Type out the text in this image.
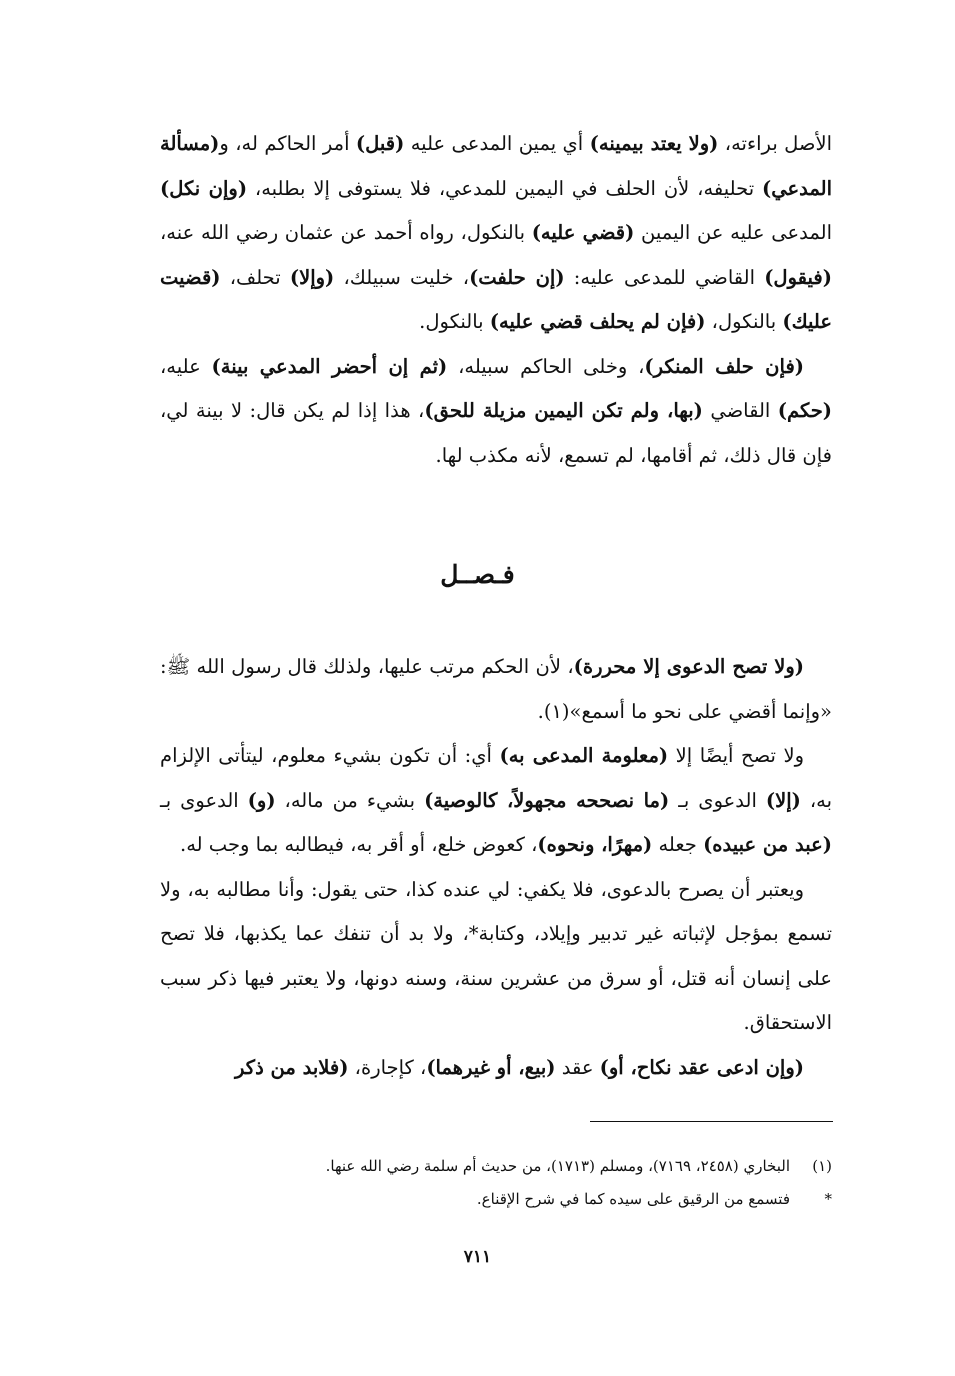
الأصل براءته، (ولا يعتد بيمينه) أي يمين المدعى عليه (قبل) أمر الحاكم له، و(مسألة المدعي) تحليفه، لأن الحلف في اليمين للمدعي، فلا يستوفى إلا بطلبه، (وإن نكل) المدعى عليه عن اليمين (قضي عليه) بالنكول، رواه أحمد عن عثمان رضي الله عنه، (فيقول) القاضي للمدعى عليه: (إن حلفت)، خليت سبيلك، (وإلا) تحلف، (قضيت عليك) بالنكول، (فإن لم يحلف قضي عليه) بالنكول.

(فإن حلف المنكر)، وخلى الحاكم سبيله، (ثم إن أحضر المدعي بينة) عليه، (حكم) القاضي (بها، ولم تكن اليمين مزيلة للحق)، هذا إذا لم يكن قال: لا بينة لي، فإن قال ذلك، ثم أقامها، لم تسمع، لأنه مكذب لها.

فـصــل

(ولا تصح الدعوى إلا محررة)، لأن الحكم مرتب عليها، ولذلك قال رسول الله ﷺ: «وإنما أقضي على نحو ما أسمع»(١).

ولا تصح أيضًا إلا (معلومة المدعى به) أي: أن تكون بشيء معلوم، ليتأتى الإلزام به، (إلا) الدعوى بـ (ما نصححه مجهولاً، كالوصية) بشيء من ماله، (و) الدعوى بـ (عبد من عبيده) جعله (مهرًا، ونحوه)، كعوض خلع، أو أقر به، فيطالبه بما وجب له.

ويعتبر أن يصرح بالدعوى، فلا يكفي: لي عنده كذا، حتى يقول: وأنا مطالبه به، ولا تسمع بمؤجل لإثباته غير تدبير وإيلاد، وكتابة*، ولا بد أن تنفك عما يكذبها، فلا تصح على إنسان أنه قتل، أو سرق من عشرين سنة، وسنه دونها، ولا يعتبر فيها ذكر سبب الاستحقاق.

(وإن ادعى عقد نكاح، أو) عقد (بيع، أو غيرهما)، كإجارة، (فلابد من ذكر

(١)
البخاري (٢٤٥٨، ٧١٦٩)، ومسلم (١٧١٣)، من حديث أم سلمة رضي الله عنها.
*
فتسمع من الرقيق على سيده كما في شرح الإقناع.
٧١١
